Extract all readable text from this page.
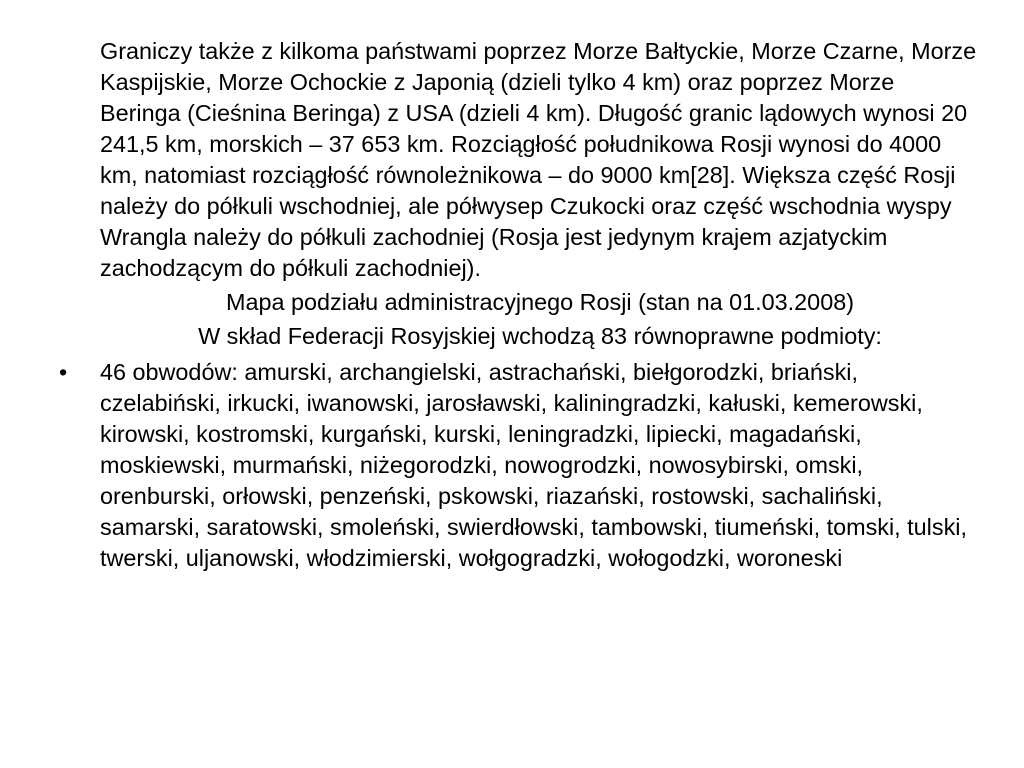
Graniczy także z kilkoma państwami poprzez Morze Bałtyckie, Morze Czarne, Morze Kaspijskie, Morze Ochockie z Japonią (dzieli tylko 4 km) oraz poprzez Morze Beringa (Cieśnina Beringa) z USA (dzieli 4 km). Długość granic lądowych wynosi 20 241,5 km, morskich – 37 653 km. Rozciągłość południkowa Rosji wynosi do 4000 km, natomiast rozciągłość równoleżnikowa – do 9000 km[28]. Większa część Rosji należy do półkuli wschodniej, ale półwysep Czukocki oraz część wschodnia wyspy Wrangla należy do półkuli zachodniej (Rosja jest jedynym krajem azjatyckim zachodzącym do półkuli zachodniej).

Mapa podziału administracyjnego Rosji (stan na 01.03.2008)

W skład Federacji Rosyjskiej wchodzą 83 równoprawne podmioty:

• 46 obwodów: amurski, archangielski, astrachański, biełgorodzki, briański, czelabiński, irkucki, iwanowski, jarosławski, kaliningradzki, kałuski, kemerowski, kirowski, kostromski, kurgański, kurski, leningradzki, lipiecki, magadański, moskiewski, murmański, niżegorodzki, nowogrodzki, nowosybirski, omski, orenburski, orłowski, penzeński, pskowski, riazański, rostowski, sachaliński, samarski, saratowski, smoleński, swierdłowski, tambowski, tiumeński, tomski, tulski, twerski, uljanowski, włodzimierski, wołgogradzki, wołogodzki, woroneski
